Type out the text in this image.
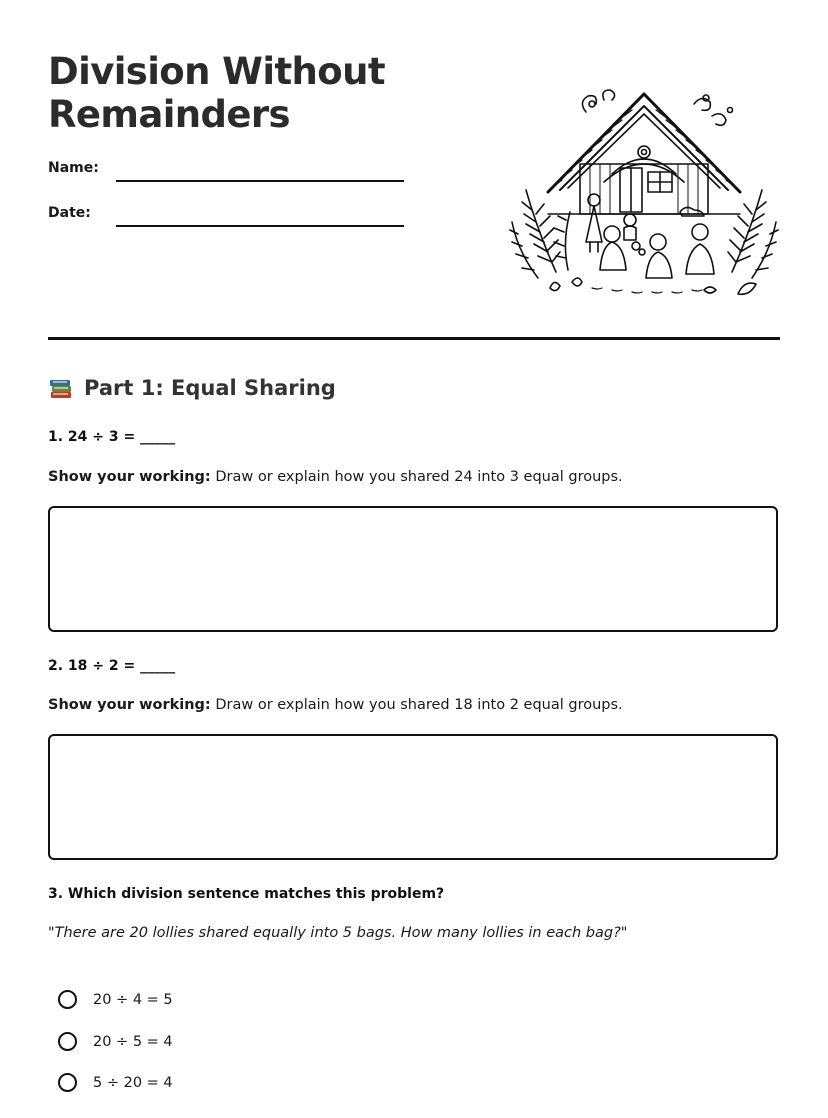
Division Without
Remainders
Name:
Date:
Part 1: Equal Sharing
1. 24 ÷ 3 = _____
Show your working: Draw or explain how you shared 24 into 3 equal groups.
2. 18 ÷ 2 = _____
Show your working: Draw or explain how you shared 18 into 2 equal groups.
3. Which division sentence matches this problem?
"There are 20 lollies shared equally into 5 bags. How many lollies in each bag?"
20 ÷ 4 = 5
20 ÷ 5 = 4
5 ÷ 20 = 4
